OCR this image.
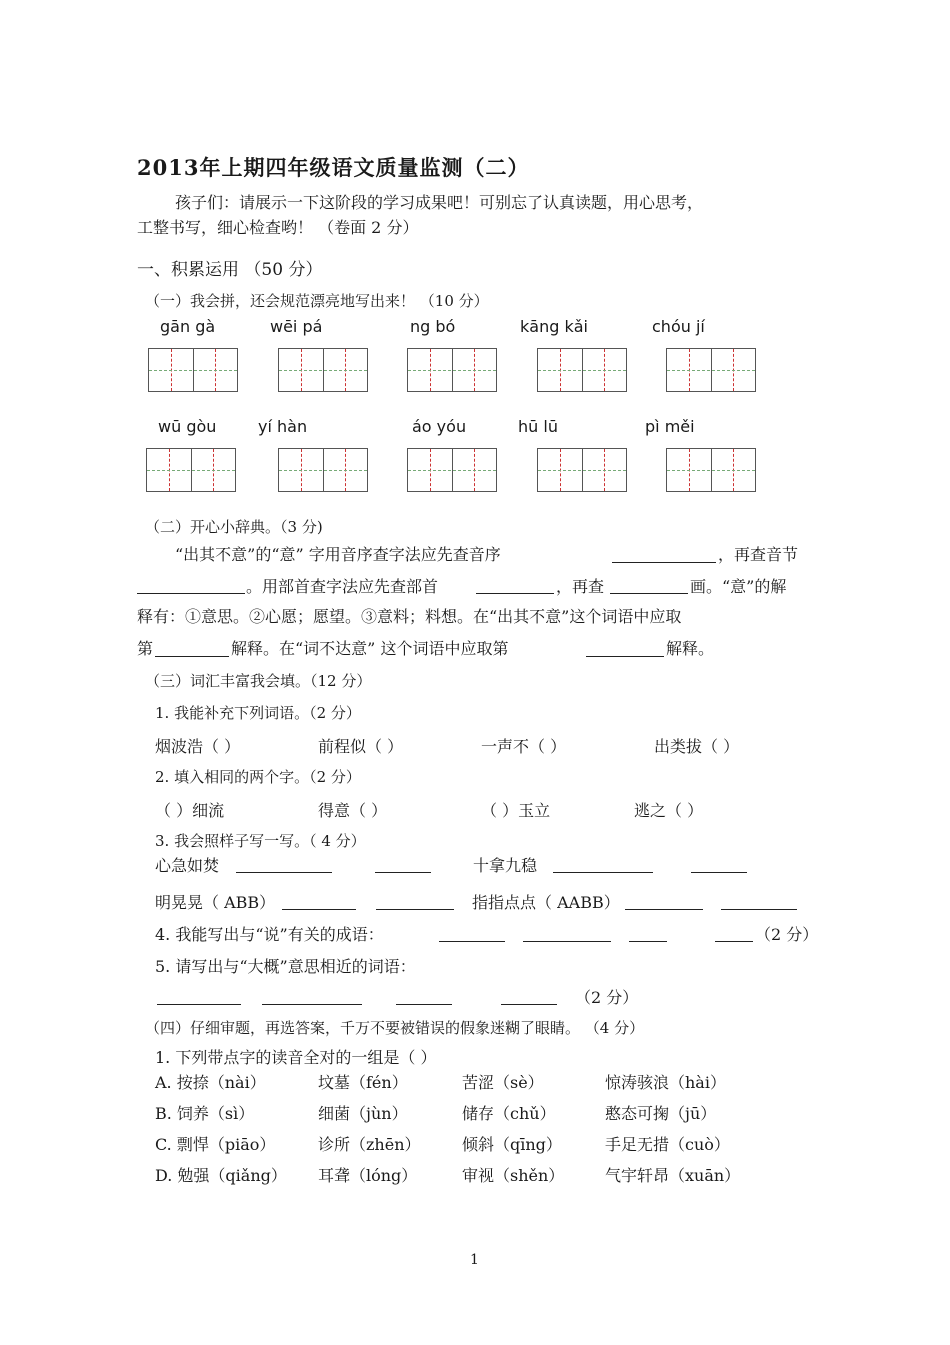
2013年上期四年级语文质量监测（二）
孩子们：请展示一下这阶段的学习成果吧！可别忘了认真读题，用心思考，
工整书写，细心检查哟！ （卷面 2 分）
一、积累运用 （50 分）
（一）我会拼，还会规范漂亮地写出来！ （10 分）
gān gà	wēi pá	ng bó	kāng kǎi	chóu jí
wū gòu	yí hàn	áo yóu	hū lū	pì měi
（二）开心小辞典。（3 分)
“出其不意”的“意” 字用音序查字法应先查音序	，再查音节
。用部首查字法应先查部首	，再查	画。“意”的解
释有：①意思。②心愿；愿望。③意料；料想。在“出其不意”这个词语中应取
第	解释。在“词不达意” 这个词语中应取第	解释。
（三）词汇丰富我会填。（12 分）
1. 我能补充下列词语。（2 分）
烟波浩（ ）	前程似（ ）	一声不（ ）	出类拔（ ）
2. 填入相同的两个字。（2 分）
（ ）细流	得意（ ）	（ ）玉立	逃之（ ）
3. 我会照样子写一写。（ 4 分）
心急如焚	十拿九稳
明晃晃（ ABB）	指指点点（ AABB）
4. 我能写出与“说”有关的成语：	（2 分）
5. 请写出与“大概”意思相近的词语：
（2 分）
（四）仔细审题，再选答案，千万不要被错误的假象迷糊了眼睛。 （4 分）
1. 下列带点字的读音全对的一组是（ ）
A. 按捺（nài）	坟墓（fén）	苦涩（sè）	惊涛骇浪（hài）
B. 饲养（sì）	细菌（jùn）	储存（chǔ）	憨态可掬（jū）
C. 剽悍（piāo）	诊所（zhēn）	倾斜（qīng）	手足无措（cuò）
D. 勉强（qiǎng） 耳聋（lóng）	审视（shěn）	气宇轩昂（xuān）
1
